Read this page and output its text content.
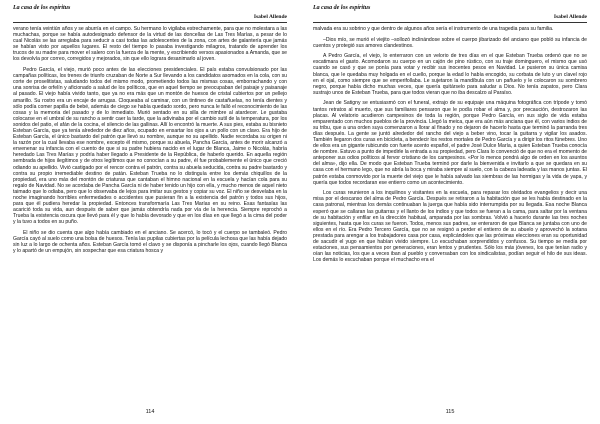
La casa de los espíritus
Isabel Allende

verano tenía veintiún años y se aburría en el campo. Su hermano lo vigilaba estrechamente, para que no molestara a las muchachas, porque se había autodesignado defensor de la virtud de las doncellas de Las Tres Marías, a pesar de lo cual Nicolás se las arreglaba para seducir a casi todas las adolescentes de la zona, con artes de galantería que jamás se habían visto por aquellos lugares. El resto del tiempo lo pasaba investigando milagros, tratando de aprender los trucos de su madre para mover el salero con la fuerza de la mente, y escribiendo versos apasionados a Amanda, que se los devolvía por correo, corregidos y mejorados, sin que ello lograra desanimarlo al joven.

Pedro García, el viejo, murió poco antes de las elecciones presidenciales. El país estaba convulsionado por las campañas políticas, los trenes de triunfo cruzaban de Norte a Sur llevando a los candidatos asomados en la cola, con su corte de proselitistas, saludando todos del mismo modo, prometiendo todos las mismas cosas, emborrachando y con una sonrisa de orfelín y aficionado a salud de los políticos, que en aquel tiempo se preocupaban del paisaje y paisanaje al pasado. El viejo había vivido tanto, que ya no era más que un montón de huesos de cristal cubiertos por un pellejo amarillo. Su rostro era un encaje de arrugas. Cloqueaba al caminar, con un tintineo de castañuelas, no tenía dientes y sólo podía comer papilla de bebé, además de ciego se había quedado sordo, pero nunca le falló el reconocimiento de las cosas y la memoria del pasado y de lo inmediato. Murió sentado en su silla de mimbre al atardecer. Le gustaba colocarse en el umbral de su rancho a sentir caer la tarde, que la adivinaba por el cambio sutil de la temperatura, por los sonidos del patio, el afán de la cocina, el silencio de las gallinas. Allí lo encontró la muerte. A sus pies, estaba su bisnieto Esteban García, que ya tenía alrededor de diez años, ocupado en ensartar los ojos a un pollo con un clavo. Era hijo de Esteban García, el único bastardo del patrón que llevó su nombre, aunque no su apellido. Nadie recordaba su origen ni la razón por la cual llevaba ese nombre, excepto él mismo, porque su abuela, Pancha García, antes de morir alcanzó a envenenar su infancia con el cuento de que si su padre hubiera nacido en el lugar de Blanca, Jaime o Nicolás, habría heredado Las Tres Marías y podría haber llegado a Presidente de la República, de haberlo querido. En aquella región sembrada de hijos ilegítimos y de otros legítimos que no conocían a su padre, él fue probablemente el único que creció odiando su apellido. Vivió castigado por el rencor contra el patrón, contra su abuela seducida, contra su padre bastardo y contra su propio irremediable destino de patán. Esteban Trueba no lo distinguía entre los demás chiquillos de la propiedad, era uno más del montón de criaturas que cantaban el himno nacional en la escuela y hacían cola para su regalo de Navidad. No se acordaba de Pancha García ni de haber tenido un hijo con ella, y mucho menos de aquel nieto taimado que lo odiaba, pero que lo observaba de lejos para imitar sus gestos y copiar su voz. El niño se desvelaba en la noche imaginando horribles enfermedades o accidentes que pusieran fin a la existencia del patrón y todos sus hijos, para que él pudiera heredar la propiedad. Entonces transformaría Las Tres Marías en su reino. Esas fantasías las acarició toda su vida, aun después de saber que jamás obtendría nada por vía de la herencia. Siempre reprochó a Trueba la existencia oscura que llevó para él y que lo había devorado y que en los días en que llegó a la cima del poder y la tuvo a todos en su puño.

El niño se dio cuenta que algo había cambiado en el anciano. Se acercó, lo tocó y el cuerpo se tambaleó. Pedro García cayó al suelo como una bolsa de huesos. Tenía las pupilas cubiertas por la película lechosa que las había dejado sin luz a lo largo de ochenta años. Esteban García tomó el clavo y se disponía a pincharle los ojos, cuando llegó Blanca y lo apartó de un empujón, sin sospechar que esa criatura hosca y

114
La casa de los espíritus
Isabel Allende

malvada era su sobrino y que dentro de algunos años sería el instrumento de una tragedia para su familia.

–Dios mío, se murió el viejito –sollozó inclinándose sobre el cuerpo jibarizado del anciano que pobló su infancia de cuentos y protegió sus amores clandestinos.

A Pedro García, el viejo, lo enterraron con un velorio de tres días en el que Esteban Trueba ordenó que no se escatimara el gasto. Acomodaron su cuerpo en un cajón de pino rústico, con su traje dominguero, el mismo que usó cuando se casó y que se ponía para votar y recibir sus inocentes pesos en Navidad. Le pusieron su única camisa blanca, que le quedaba muy holgada en el cuello, porque la edad lo había encogido, su corbata de luto y un clavel rojo en el ojal, como siempre que se emperifollaba. Le sujetaron la mandíbula con un pañuelo y le colocaron su sombrero negro, porque había dicho muchas veces, que quería quitárselo para saludar a Dios. No tenía zapatos, pero Clara sustrajo unos de Esteban Trueba, para que todos vieran que no iba descalzo al Paraíso.

Jean de Satigny se entusiasmó con el funeral, extrajo de su equipaje una máquina fotográfica con trípode y tomó tantos retratos al muerto, que sus familiares pensaron que le podía robar el alma y, por precaución, destrozaron las placas. Al velatorio acudieron campesinos de toda la región, porque Pedro García, en sus siglo de vida estaba emparentado con muchos pueblos de la provincia. Llegó la meica, que era aún más anciana que él, con varios indios de su tribu, que a una orden suya comenzaron a llorar al finado y no dejaron de hacerlo hasta que terminó la parranda tres días después. La gente se juntó alrededor del rancho del viejo a beber vino, tocar la guitarra y vigilar los asados. También llegaron dos curas en bicicleta, a bendecir los restos mortales de Pedro García y a dirigir los ritos fúnebres. Uno de ellos era un gigante rubicundo con fuerte acento español, el padre José Dulce María, a quien Esteban Trueba conocía de nombre. Estuvo a punto de impedirle la entrada a su propiedad, pero Clara lo convenció de que no era el momento de anteponer sus odios políticos al fervor cristiano de los campesinos. «Por lo menos pondrá algo de orden en los asuntos del alma», dijo ella. De modo que Esteban Trueba terminó por darle la bienvenida e invitarlo a que se quedara en su casa con el hermano lego, que no abría la boca y miraba siempre al suelo, con la cabeza ladeada y las manos juntas. El patrón estaba conmovido por la muerte del viejo que le había salvado las siembras de las hormigas y la vida de yapa, y quería que todos recordaran ese entierro como un acontecimiento.

Los curas reunieron a los inquilinos y visitantes en la escuela, para repasar los olvidados evangelios y decir una misa por el descanso del alma de Pedro García. Después se retiraron a la habitación que se les había destinado en la casa patronal, mientras los demás continuaban la juerga que había sido interrumpida por su llegada. Esa noche Blanca esperó que se callaran las guitarras y el llanto de los indios y que todos se fueran a la cama, para saltar por la ventana de su habitación y enfilar en la dirección habitual, amparada por las sombras. Volvió a hacerlo durante las tres noches siguientes, hasta que los curas se fueron. Todos, menos sus padres, se enteraron de que Blanca se juntaba con uno de ellos en el río. Era Pedro Tercero García, que no se resignó a perder el entierro de su abuelo y aprovechó la sotana prestada para arengar a los trabajadores casa por casa, explicándoles que las próximas elecciones eran su oportunidad de sacudir el yugo en que habían vivido siempre. Lo escuchaban sorprendidos y confusos. Su tiempo se medía por estaciones, sus pensamientos por generaciones, eran lentos y prudentes. Sólo los más jóvenes, los que tenían radio y oían las noticias, los que a veces iban al pueblo y conversaban con los sindicalistas, podían seguir el hilo de sus ideas. Los demás lo escuchaban porque el muchacho era el

115
